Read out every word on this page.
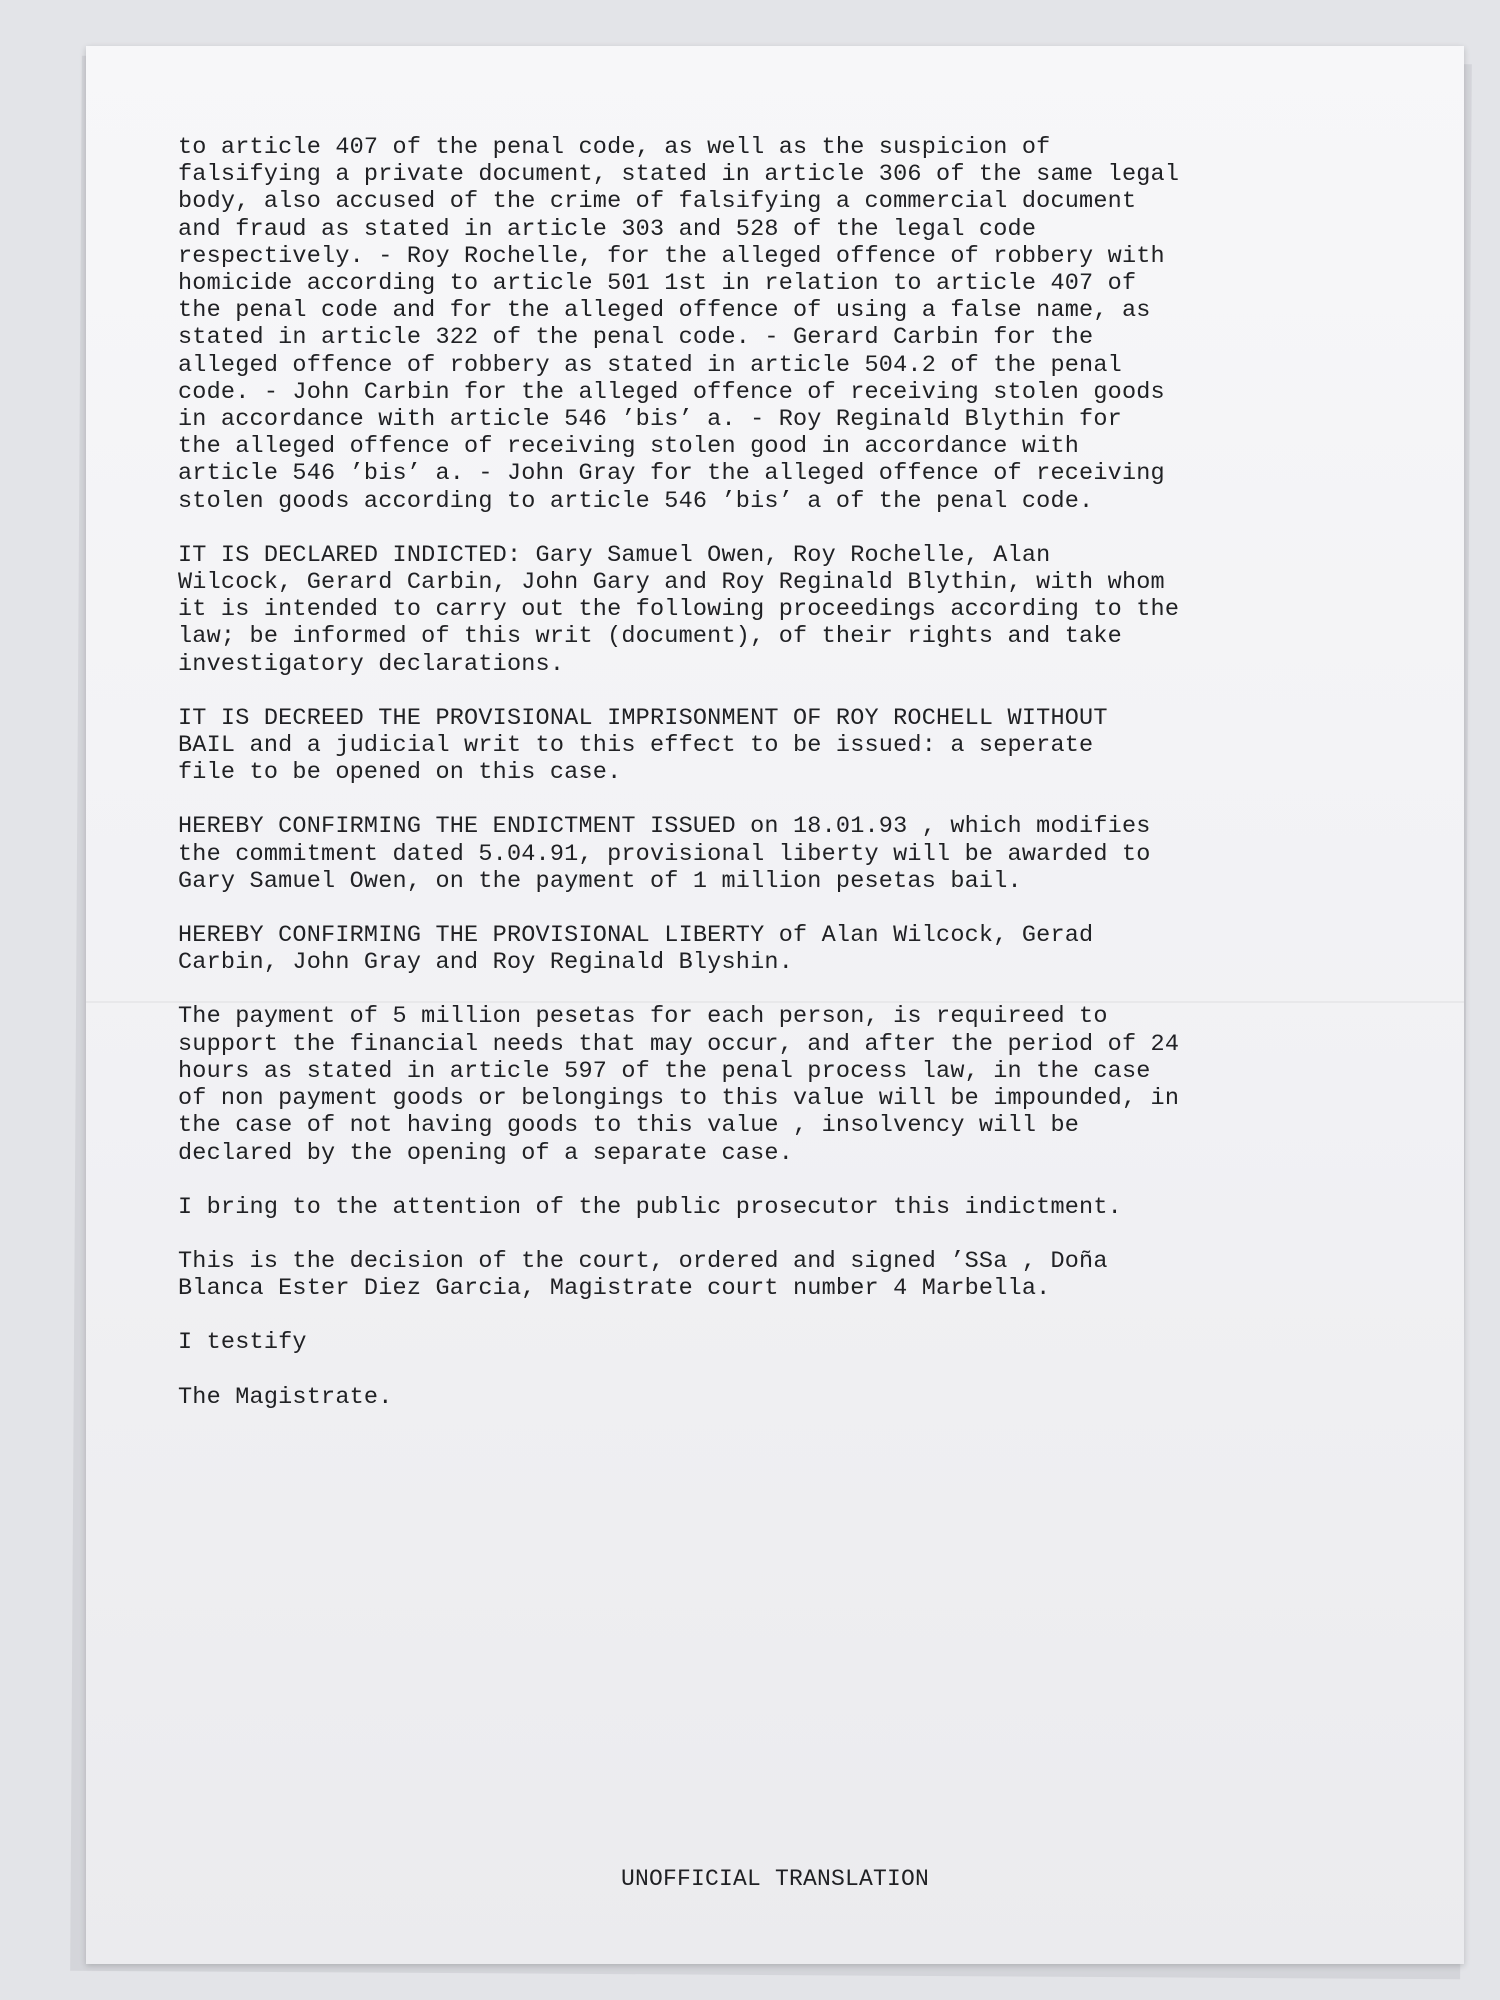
to article 407 of the penal code, as well as the suspicion of
falsifying a private document, stated in article 306 of the same legal
body, also accused of the crime of falsifying a commercial document
and fraud as stated in article 303 and 528 of the legal code
respectively. - Roy Rochelle, for the alleged offence of robbery with
homicide according to article 501 1st in relation to article 407 of
the penal code and for the alleged offence of using a false name, as
stated in article 322 of the penal code. - Gerard Carbin for the
alleged offence of robbery as stated in article 504.2 of the penal
code. - John Carbin for the alleged offence of receiving stolen goods
in accordance with article 546 ’bis’ a. - Roy Reginald Blythin for
the alleged offence of receiving stolen good in accordance with
article 546 ’bis’ a. - John Gray for the alleged offence of receiving
stolen goods according to article 546 ’bis’ a of the penal code.

IT IS DECLARED INDICTED: Gary Samuel Owen, Roy Rochelle, Alan
Wilcock, Gerard Carbin, John Gary and Roy Reginald Blythin, with whom
it is intended to carry out the following proceedings according to the
law; be informed of this writ (document), of their rights and take
investigatory declarations.

IT IS DECREED THE PROVISIONAL IMPRISONMENT OF ROY ROCHELL WITHOUT
BAIL and a judicial writ to this effect to be issued: a seperate
file to be opened on this case.

HEREBY CONFIRMING THE ENDICTMENT ISSUED on 18.01.93 , which modifies
the commitment dated 5.04.91, provisional liberty will be awarded to
Gary Samuel Owen, on the payment of 1 million pesetas bail.

HEREBY CONFIRMING THE PROVISIONAL LIBERTY of Alan Wilcock, Gerad
Carbin, John Gray and Roy Reginald Blyshin.

The payment of 5 million pesetas for each person, is requireed to
support the financial needs that may occur, and after the period of 24
hours as stated in article 597 of the penal process law, in the case
of non payment goods or belongings to this value will be impounded, in
the case of not having goods to this value , insolvency will be
declared by the opening of a separate case.

I bring to the attention of the public prosecutor this indictment.

This is the decision of the court, ordered and signed ’SSa , Doña
Blanca Ester Diez Garcia, Magistrate court number 4 Marbella.

I testify

The Magistrate.

UNOFFICIAL TRANSLATION
